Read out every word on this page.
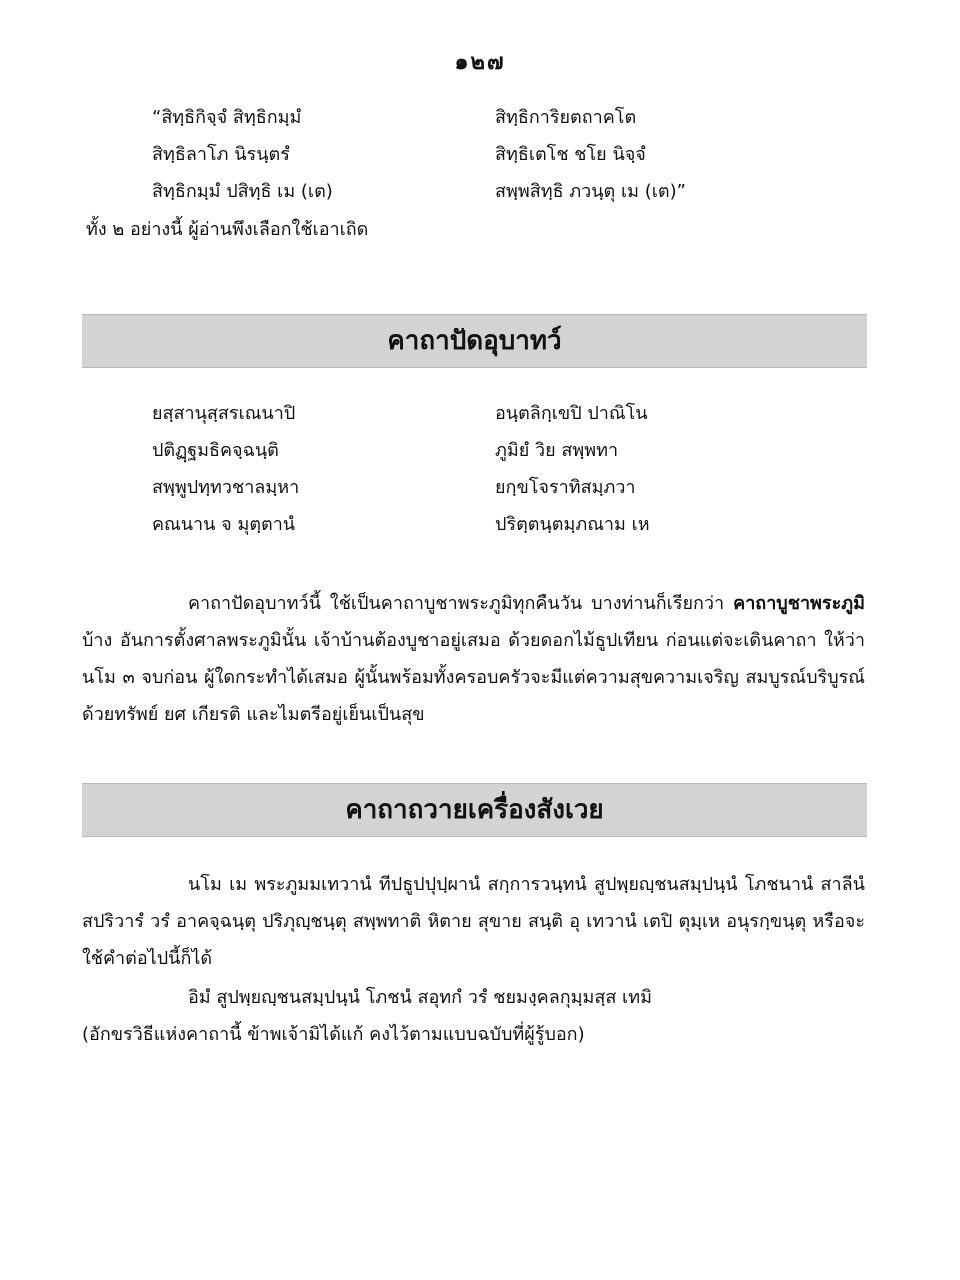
๑๒๗
“สิทฺธิกิจฺจํ สิทฺธิกมฺมํ	สิทฺธิการิยตถาคโต
สิทฺธิลาโภ นิรนฺตรํ	สิทฺธิเตโช ชโย นิจฺจํ
สิทฺธิกมฺมํ ปสิทฺธิ เม (เต)	สพฺพสิทฺธิ ภวนฺตุ เม (เต)”
ทั้ง ๒ อย่างนี้ ผู้อ่านพึงเลือกใช้เอาเถิด
คาถาปัดอุบาทว์
ยสฺสานุสฺสรเณนาปิ	อนฺตลิกฺเขปิ ปาณิโน
ปติฏฺฐมธิคจฺฉนฺติ	ภูมิยํ วิย สพฺพทา
สพฺพูปทฺทวชาลมฺหา	ยกฺขโจราทิสมฺภวา
คณนาน จ มุตฺตานํ	ปริตฺตนฺตมฺภณาม เห
คาถาปัดอุบาทว์นี้ ใช้เป็นคาถาบูชาพระภูมิทุกคืนวัน บางท่านก็เรียกว่า คาถาบูชาพระภูมิ บ้าง อันการตั้งศาลพระภูมินั้น เจ้าบ้านต้องบูชาอยู่เสมอ ด้วยดอกไม้ธูปเทียน ก่อนแต่จะเดินคาถา ให้ว่า นโม ๓ จบก่อน ผู้ใดกระทำได้เสมอ ผู้นั้นพร้อมทั้งครอบครัวจะมีแต่ความสุขความเจริญ สมบูรณ์บริบูรณ์ด้วยทรัพย์ ยศ เกียรติ และไมตรีอยู่เย็นเป็นสุข
คาถาถวายเครื่องสังเวย
นโม เม พระภูมมเทวานํ ทีปธูปปุปฺผานํ สกฺการวนฺทนํ สูปพฺยญฺชนสมฺปนฺนํ โภชนานํ สาลีนํ สปริวารํ วรํ อาคจฺฉนฺตุ ปริภุญฺชนฺตุ สพฺพทาติ หิตาย สุขาย สนฺติ อุ เทวานํ เตปิ ตุมฺเห อนุรกฺขนฺตุ หรือจะใช้คำต่อไปนี้ก็ได้
อิมํ สูปพฺยญฺชนสมฺปนฺนํ โภชนํ สอุทกํ วรํ ชยมงฺคลกุมฺมสฺส เทมิ
(อักขรวิธีแห่งคาถานี้ ข้าพเจ้ามิได้แก้ คงไว้ตามแบบฉบับที่ผู้รู้บอก)
